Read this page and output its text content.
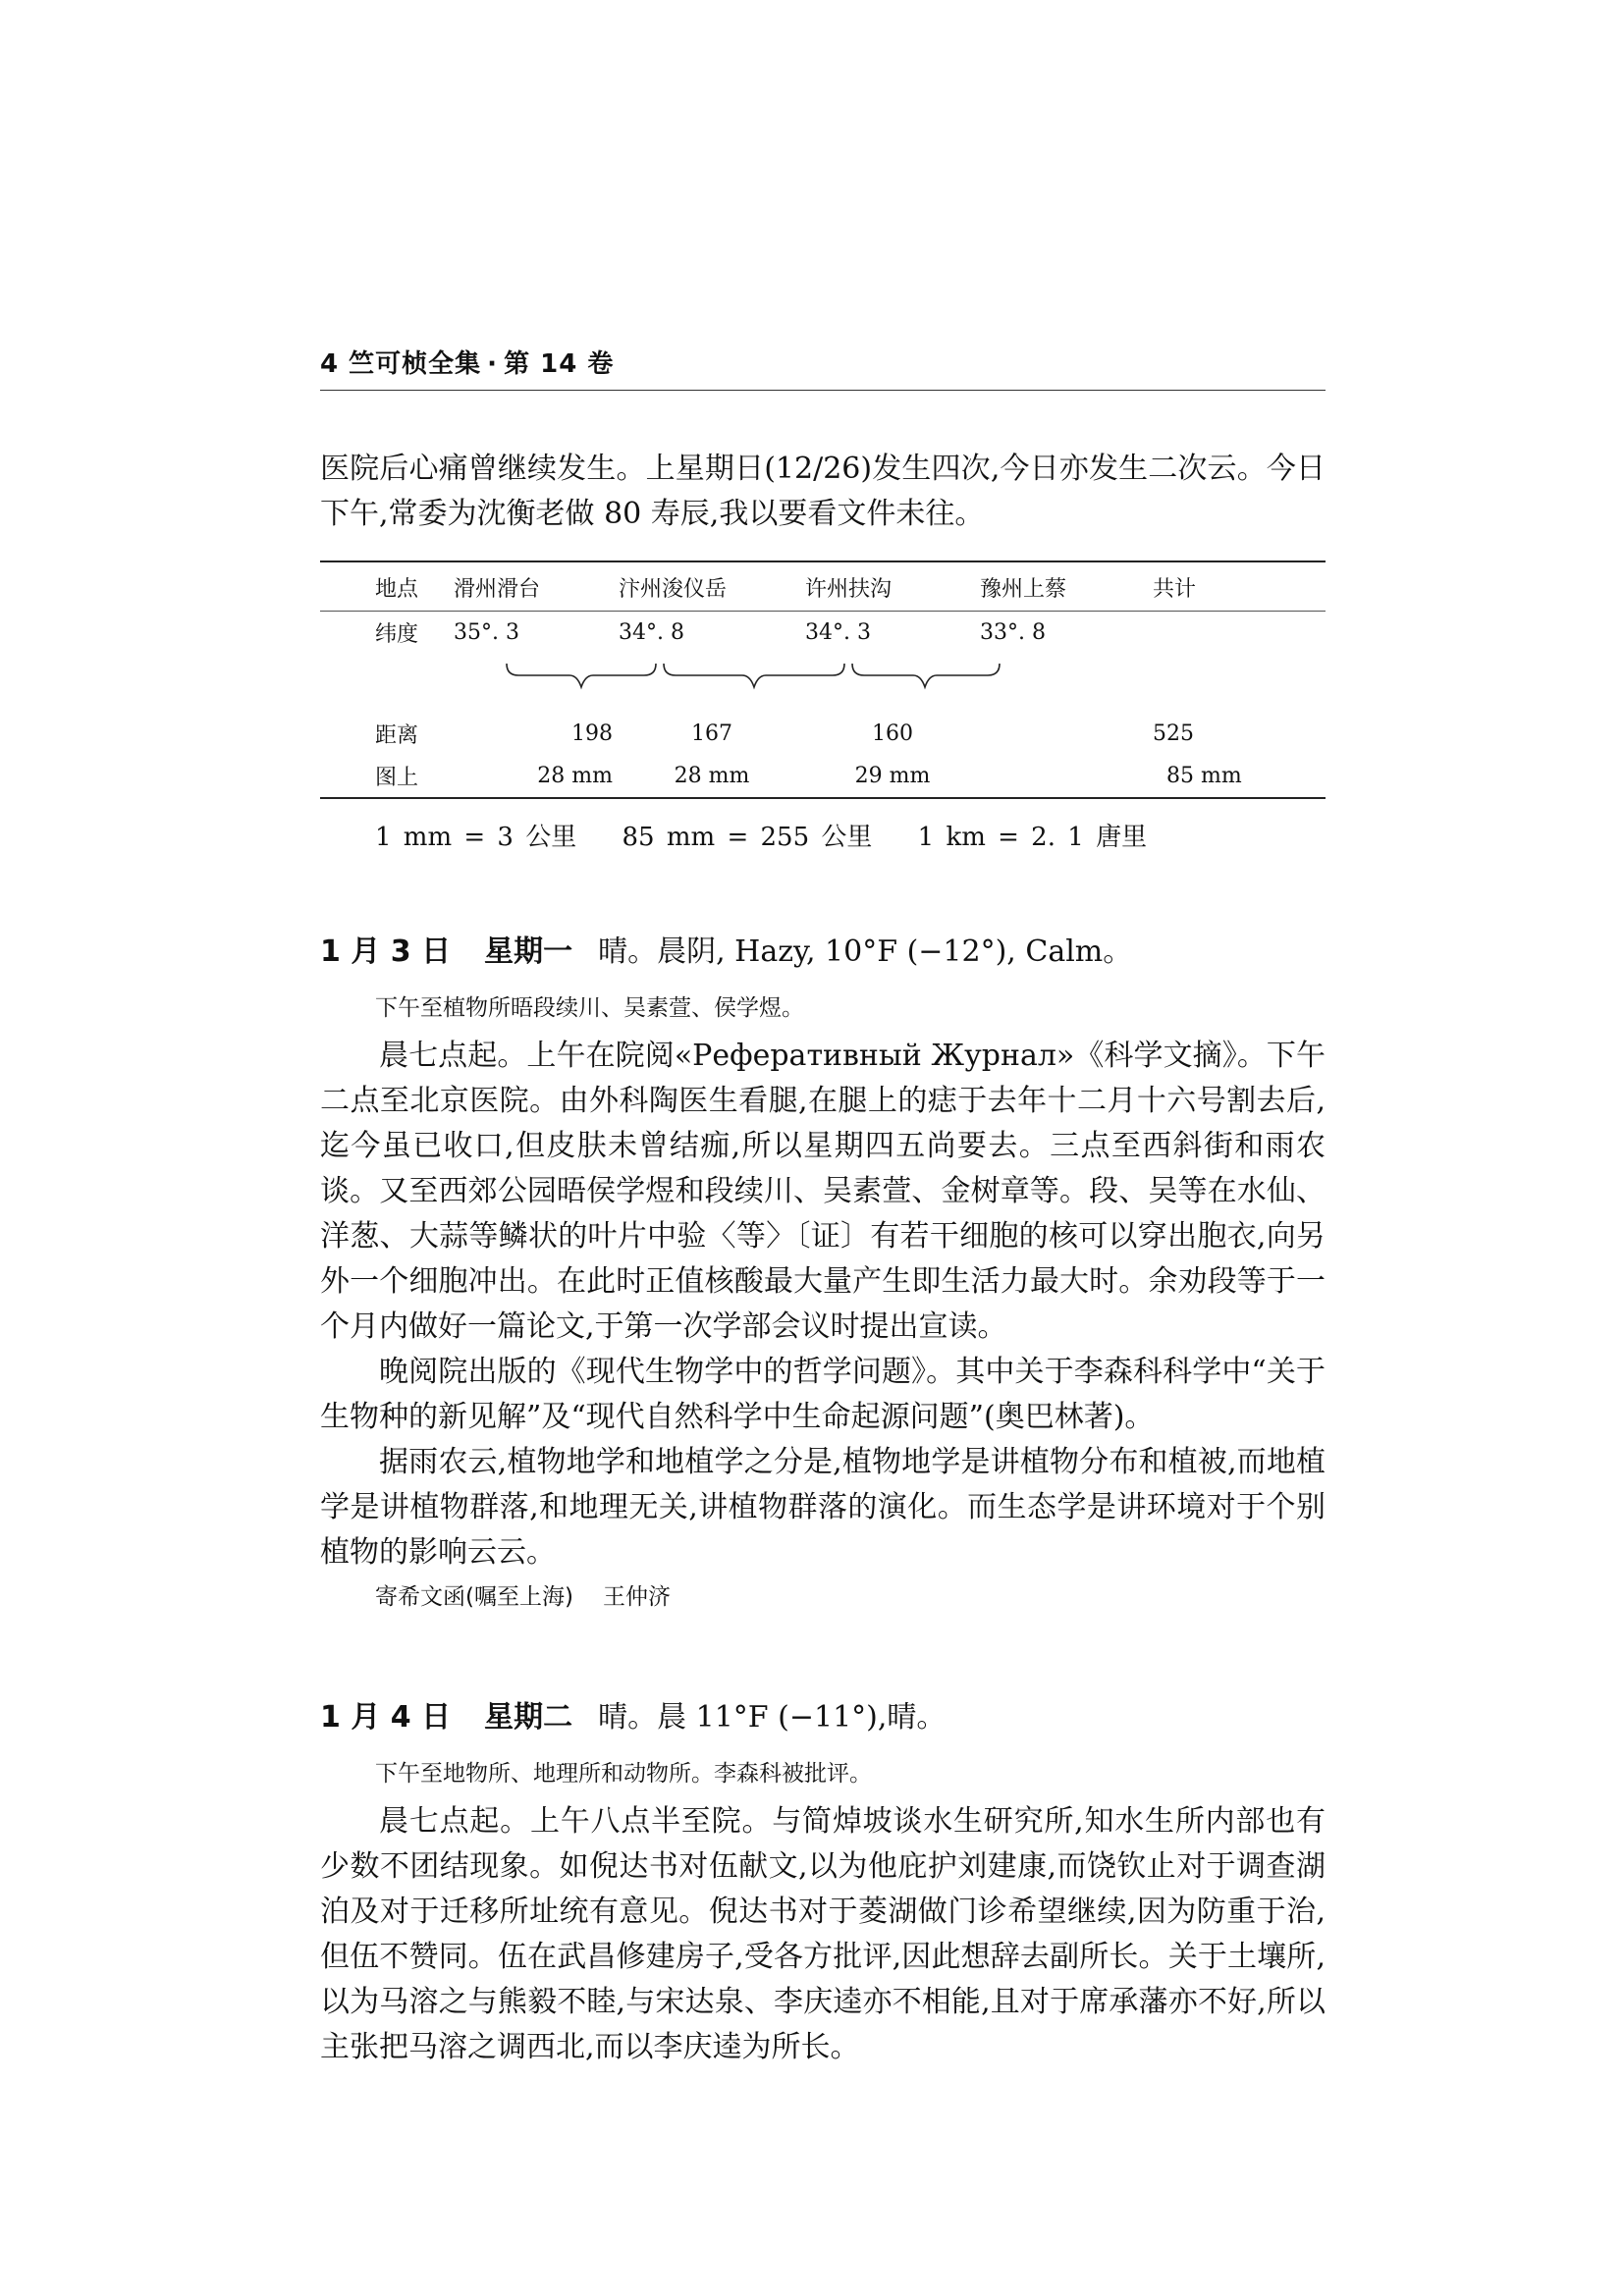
4 竺可桢全集 · 第 14 卷

医院后心痛曾继续发生。上星期日(12/26)发生四次,今日亦发生二次云。今日下午,常委为沈衡老做 80 寿辰,我以要看文件未往。

地点	滑州滑台	汴州浚仪岳	许州扶沟	豫州上蔡	共计
纬度	35°. 3	34°. 8	34°. 3	33°. 8	

距离	198	167	160		525
图上	28 mm	28 mm	29 mm		85 mm

1 mm = 3 公里 85 mm = 255 公里 1 km = 2. 1 唐里

1 月 3 日 星期一 晴。晨阴, Hazy, 10°F (−12°), Calm。

下午至植物所晤段续川、吴素萱、侯学煜。

晨七点起。上午在院阅«Реферативный Журнал»《科学文摘》。下午二点至北京医院。由外科陶医生看腿,在腿上的痣于去年十二月十六号割去后,迄今虽已收口,但皮肤未曾结痂,所以星期四五尚要去。三点至西斜街和雨农谈。又至西郊公园晤侯学煜和段续川、吴素萱、金树章等。段、吴等在水仙、洋葱、大蒜等鳞状的叶片中验〈等〉〔证〕有若干细胞的核可以穿出胞衣,向另外一个细胞冲出。在此时正值核酸最大量产生即生活力最大时。余劝段等于一个月内做好一篇论文,于第一次学部会议时提出宣读。

晚阅院出版的《现代生物学中的哲学问题》。其中关于李森科科学中“关于生物种的新见解”及“现代自然科学中生命起源问题”(奥巴林著)。

据雨农云,植物地学和地植学之分是,植物地学是讲植物分布和植被,而地植学是讲植物群落,和地理无关,讲植物群落的演化。而生态学是讲环境对于个别植物的影响云云。

寄希文函(嘱至上海) 王仲济

1 月 4 日 星期二 晴。晨 11°F (−11°),晴。

下午至地物所、地理所和动物所。李森科被批评。

晨七点起。上午八点半至院。与简焯坡谈水生研究所,知水生所内部也有少数不团结现象。如倪达书对伍献文,以为他庇护刘建康,而饶钦止对于调查湖泊及对于迁移所址统有意见。倪达书对于菱湖做门诊希望继续,因为防重于治,但伍不赞同。伍在武昌修建房子,受各方批评,因此想辞去副所长。关于土壤所,以为马溶之与熊毅不睦,与宋达泉、李庆逵亦不相能,且对于席承藩亦不好,所以主张把马溶之调西北,而以李庆逵为所长。
